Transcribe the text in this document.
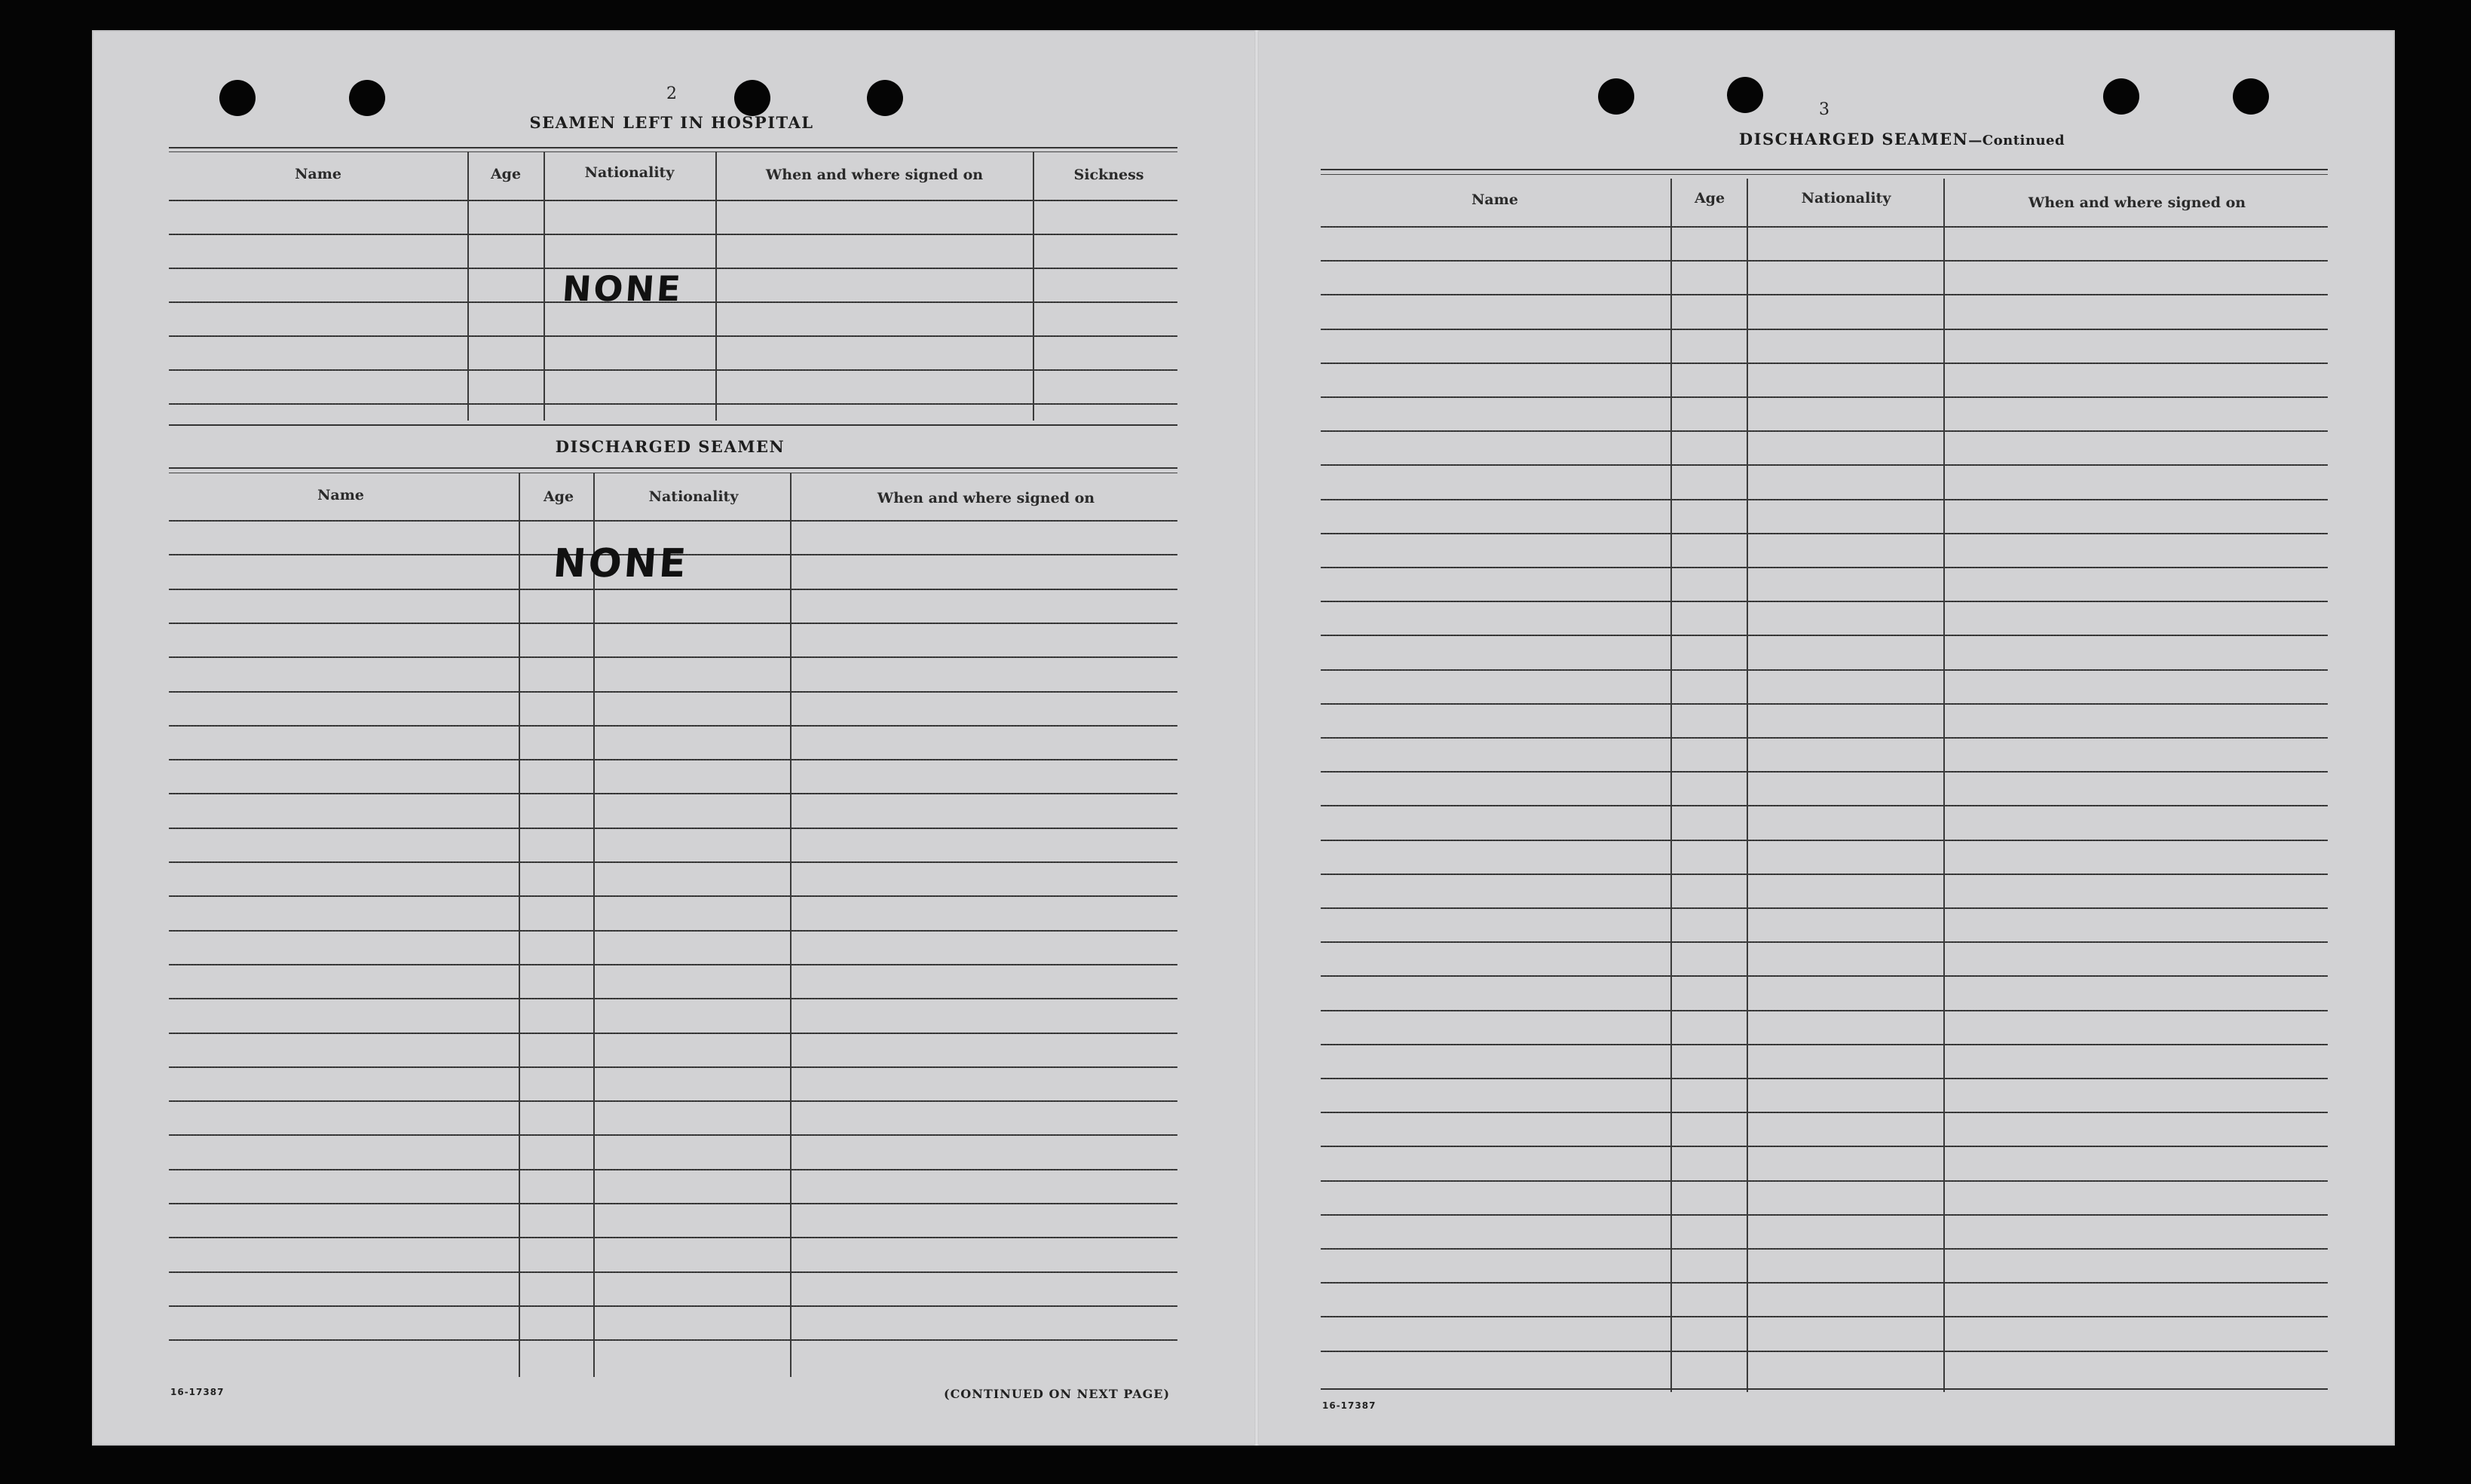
2
SEAMEN LEFT IN HOSPITAL
Name	Age	Nationality	When and where signed on	Sickness
NONE
DISCHARGED SEAMEN
Name	Age	Nationality	When and where signed on
NONE
16-17387	(CONTINUED ON NEXT PAGE)
3
DISCHARGED SEAMEN—Continued
Name	Age	Nationality	When and where signed on
16-17387
